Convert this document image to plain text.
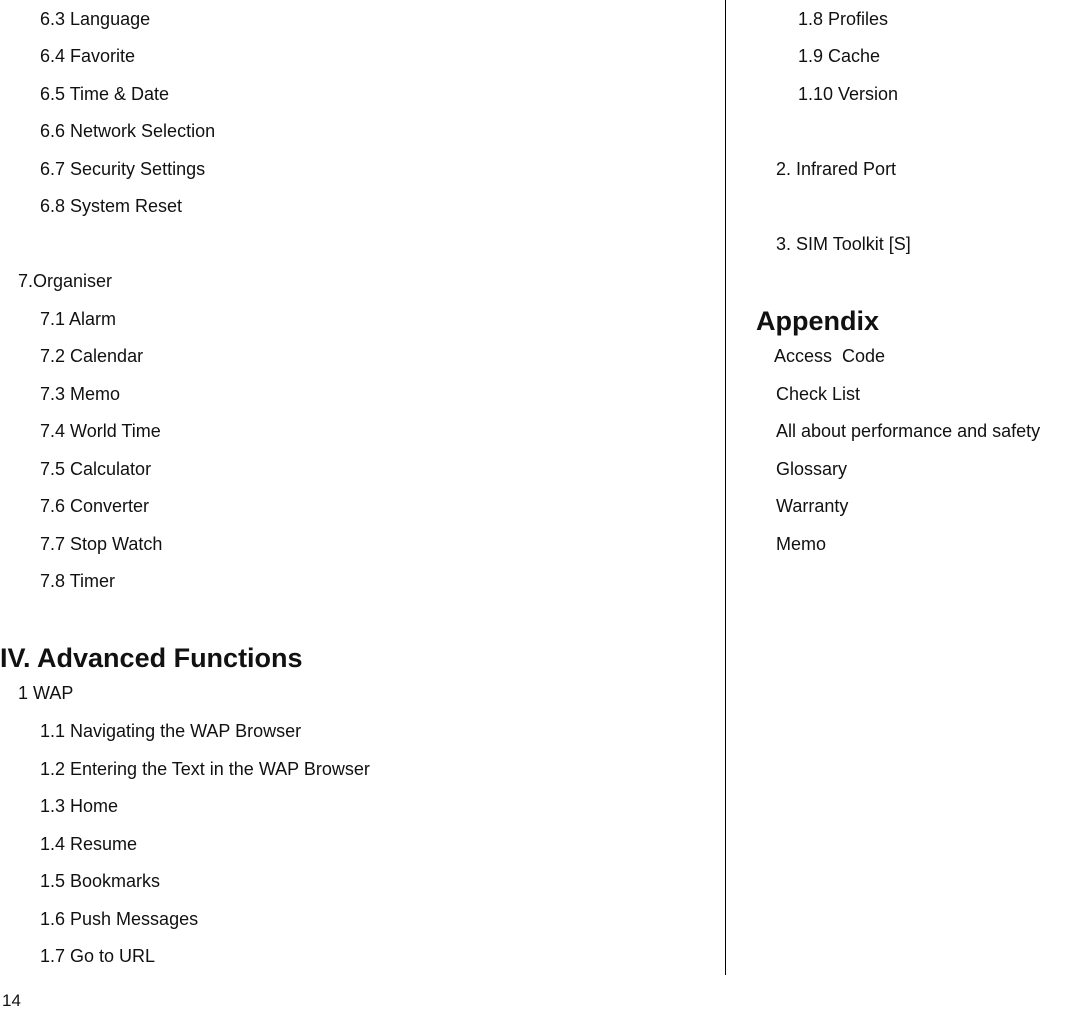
6.3 Language
6.4 Favorite
6.5 Time & Date
6.6 Network Selection
6.7 Security Settings
6.8 System Reset
7.Organiser
7.1 Alarm
7.2 Calendar
7.3 Memo
7.4 World Time
7.5 Calculator
7.6 Converter
7.7 Stop Watch
7.8 Timer
IV. Advanced Functions
1 WAP
1.1 Navigating the WAP Browser
1.2 Entering the Text in the WAP Browser
1.3 Home
1.4 Resume
1.5 Bookmarks
1.6 Push Messages
1.7 Go to URL
1.8 Profiles
1.9 Cache
1.10 Version
2. Infrared Port
3. SIM Toolkit [S]
Appendix
Access  Code
Check List
All about performance and safety
Glossary
Warranty
Memo
14
